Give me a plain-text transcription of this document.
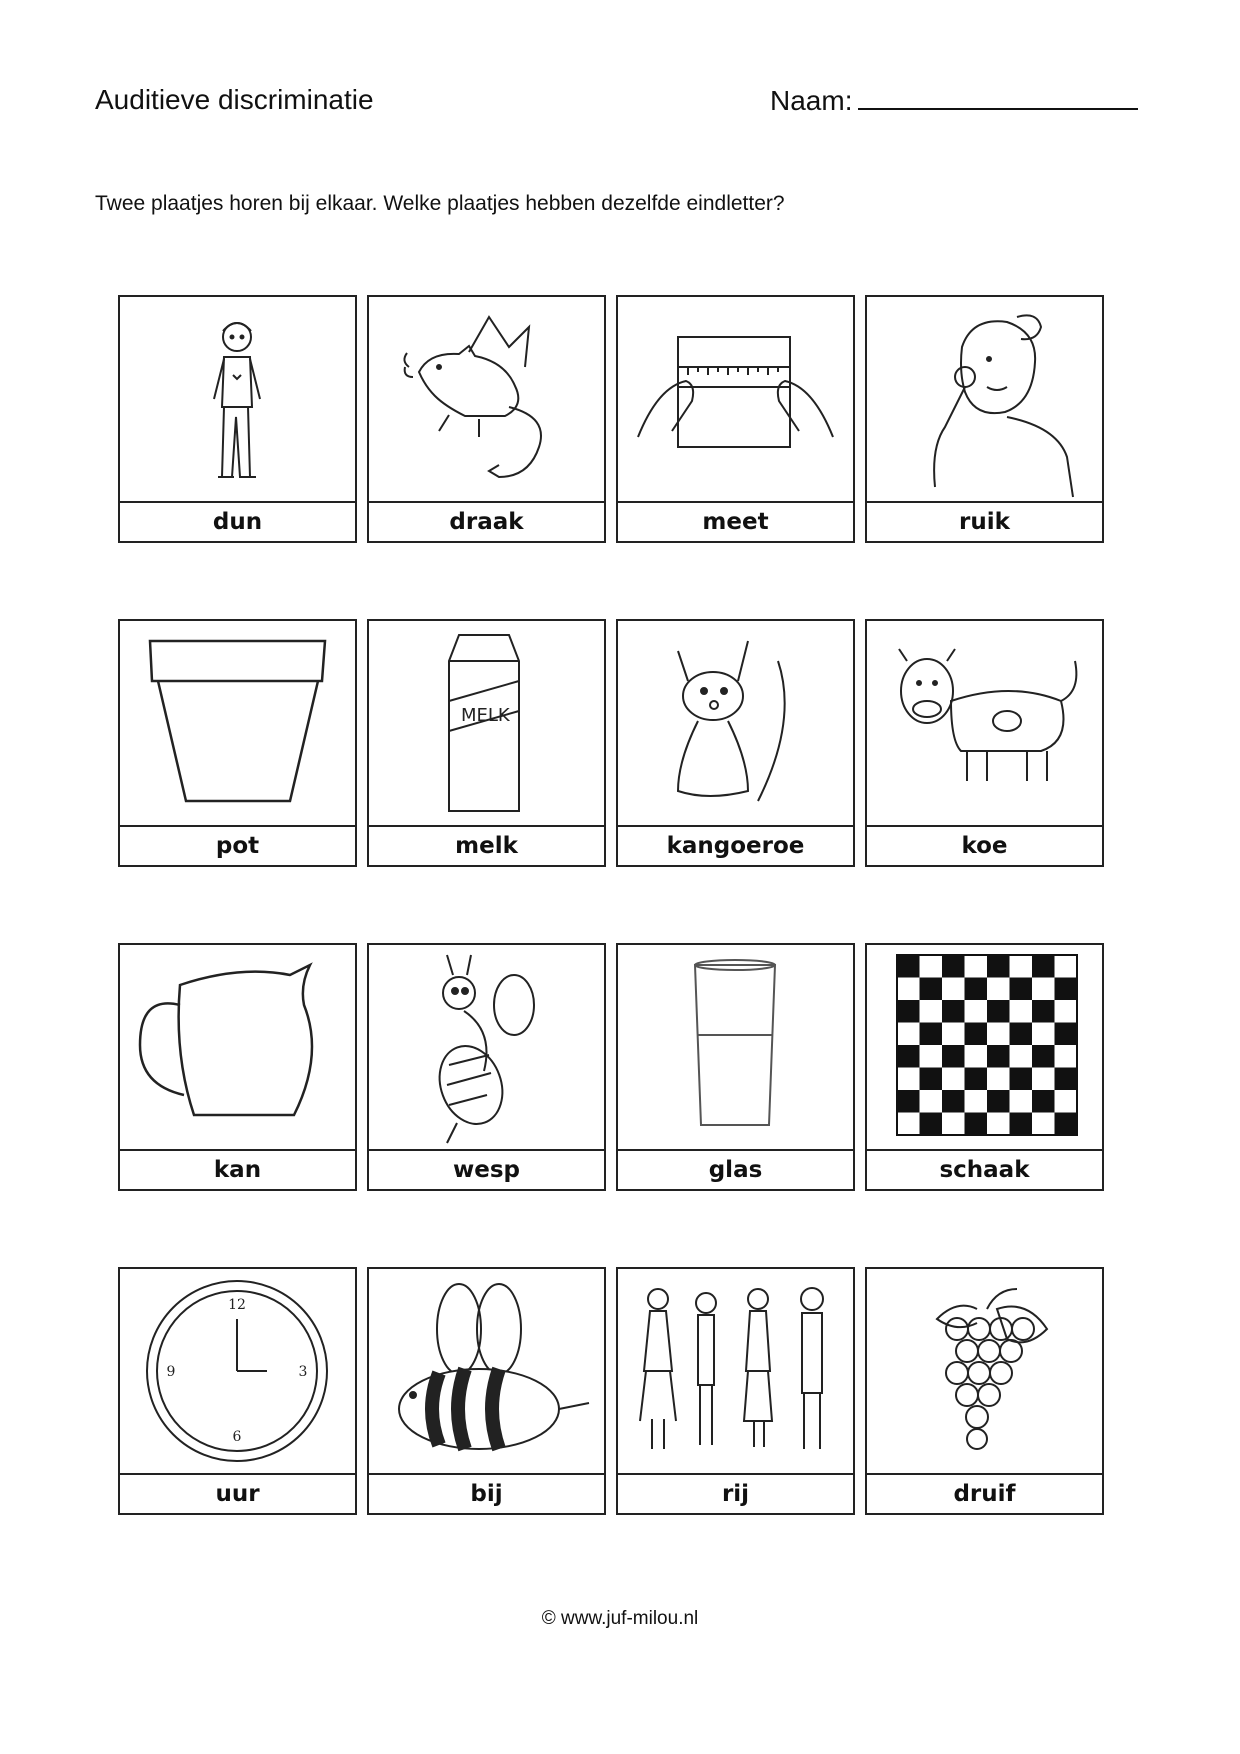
Auditieve discriminatie	Naam:
Twee plaatjes horen bij elkaar. Welke plaatjes hebben dezelfde eindletter?
dun	draak	meet	ruik
pot
MELK
melk	kangoeroe	koe
kan	wesp	glas	schaak
12
3
6
9
uur	bij	rij	druif
© www.juf-milou.nl
